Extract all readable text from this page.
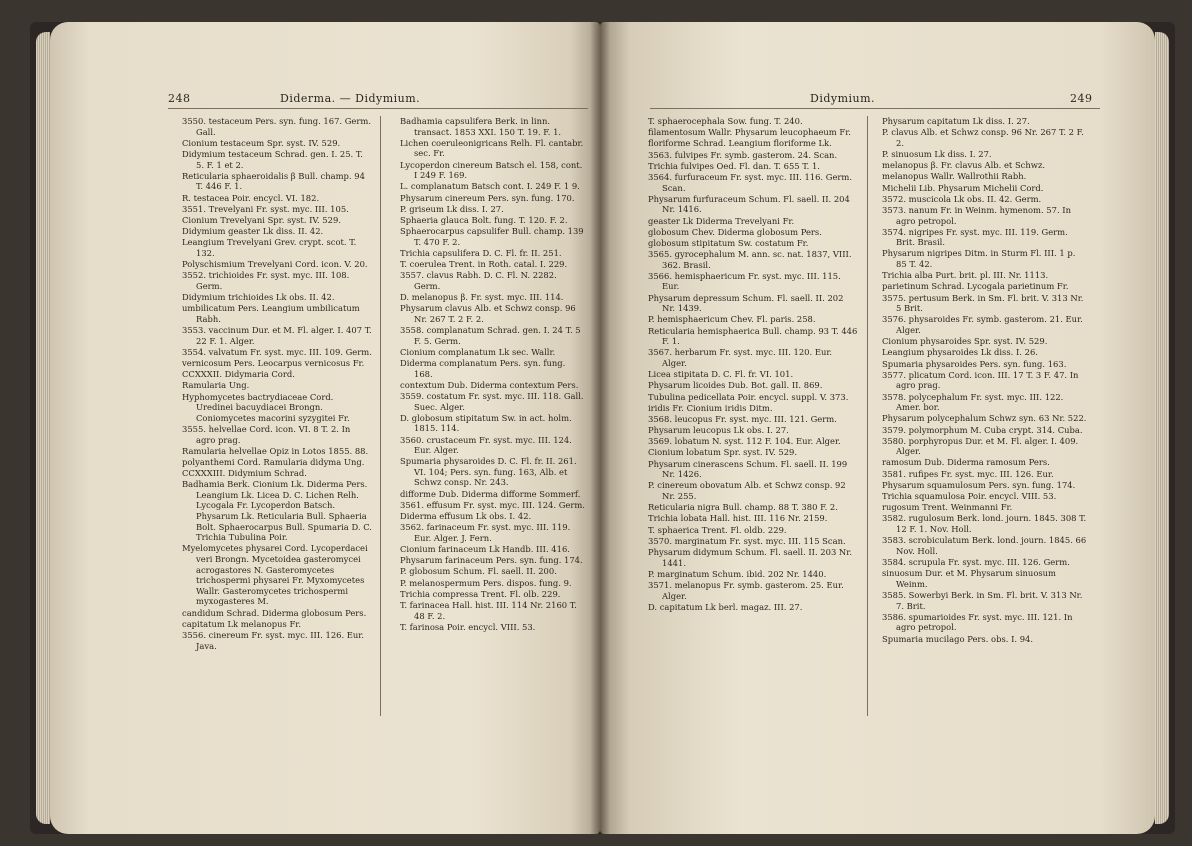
248	Diderma. — Didymium.
3550. testaceum Pers. syn. fung. 167. Germ. Gall.
Cionium testaceum Spr. syst. IV. 529.
Didymium testaceum Schrad. gen. I. 25. T. 5. F. 1 et 2.
Reticularia sphaeroidalis β Bull. champ. 94 T. 446 F. 1.
R. testacea Poir. encycl. VI. 182.
3551. Trevelyani Fr. syst. myc. III. 105.
Cionium Trevelyani Spr. syst. IV. 529.
Didymium geaster Lk diss. II. 42.
Leangium Trevelyani Grev. crypt. scot. T. 132.
Polyschismium Trevelyani Cord. icon. V. 20.
3552. trichioides Fr. syst. myc. III. 108. Germ.
Didymium trichioides Lk obs. II. 42.
umbilicatum Pers. Leangium umbilicatum Rabh.
3553. vaccinum Dur. et M. Fl. alger. I. 407 T. 22 F. 1. Alger.
3554. valvatum Fr. syst. myc. III. 109. Germ.
vernicosum Pers. Leocarpus vernicosus Fr.
CCXXXII. Didymaria Cord.
Ramularia Ung.
Hyphomycetes bactrydiaceae Cord. Uredinei bacuydiacei Brongn. Coniomycetes macorini syzygitei Fr.
3555. helvellae Cord. icon. VI. 8 T. 2. In agro prag.
Ramularia helvellae Opiz in Lotos 1855. 88.
polyanthemi Cord. Ramularia didyma Ung.
CCXXXIII. Didymium Schrad.
Badhamia Berk. Cionium Lk. Diderma Pers. Leangium Lk. Licea D. C. Lichen Relh. Lycogala Fr. Lycoperdon Batsch. Physarum Lk. Reticularia Bull. Sphaeria Bolt. Sphaerocarpus Bull. Spumaria D. C. Trichia Tubulina Poir.
Myelomycetes physarei Cord. Lycoperdacei veri Brongn. Mycetoidea gasteromycei acrogastores N. Gasteromycetes trichospermi physarei Fr. Myxomycetes Wallr. Gasteromycetes trichospermi myxogasteres M.
candidum Schrad. Diderma globosum Pers.
capitatum Lk melanopus Fr.
3556. cinereum Fr. syst. myc. III. 126. Eur. Java.
Badhamia capsulifera Berk. in linn. transact. 1853 XXI. 150 T. 19. F. 1.
Lichen coeruleonigricans Relh. Fl. cantabr. sec. Fr.
Lycoperdon cinereum Batsch el. 158, cont. I 249 F. 169.
L. complanatum Batsch cont. I. 249 F. 1 9.
Physarum cinereum Pers. syn. fung. 170.
P. griseum Lk diss. I. 27.
Sphaeria glauca Bolt. fung. T. 120. F. 2.
Sphaerocarpus capsulifer Bull. champ. 139 T. 470 F. 2.
Trichia capsulifera D. C. Fl. fr. II. 251.
T. coerulea Trent. in Roth. catal. I. 229.
3557. clavus Rabh. D. C. Fl. N. 2282. Germ.
D. melanopus β. Fr. syst. myc. III. 114.
Physarum clavus Alb. et Schwz consp. 96 Nr. 267 T. 2 F. 2.
3558. complanatum Schrad. gen. I. 24 T. 5 F. 5. Germ.
Cionium complanatum Lk sec. Wallr.
Diderma complanatum Pers. syn. fung. 168.
contextum Dub. Diderma contextum Pers.
3559. costatum Fr. syst. myc. III. 118. Gall. Suec. Alger.
D. globosum stipitatum Sw. in act. holm. 1815. 114.
3560. crustaceum Fr. syst. myc. III. 124. Eur. Alger.
Spumaria physaroides D. C. Fl. fr. II. 261. VI. 104; Pers. syn. fung. 163, Alb. et Schwz consp. Nr. 243.
difforme Dub. Diderma difforme Sommerf.
3561. effusum Fr. syst. myc. III. 124. Germ.
Diderma effusum Lk obs. I. 42.
3562. farinaceum Fr. syst. myc. III. 119. Eur. Alger. J. Fern.
Cionium farinaceum Lk Handb. III. 416.
Physarum farinaceum Pers. syn. fung. 174.
P. globosum Schum. Fl. saell. II. 200.
P. melanospermum Pers. dispos. fung. 9.
Trichia compressa Trent. Fl. olb. 229.
T. farinacea Hall. hist. III. 114 Nr. 2160 T. 48 F. 2.
T. farinosa Poir. encycl. VIII. 53.
Didymium.	249
T. sphaerocephala Sow. fung. T. 240.
filamentosum Wallr. Physarum leucophaeum Fr.
floriforme Schrad. Leangium floriforme Lk.
3563. fulvipes Fr. symb. gasterom. 24. Scan.
Trichia fulvipes Oed. Fl. dan. T. 655 T. 1.
3564. furfuraceum Fr. syst. myc. III. 116. Germ. Scan.
Physarum furfuraceum Schum. Fl. saell. II. 204 Nr. 1416.
geaster Lk Diderma Trevelyani Fr.
globosum Chev. Diderma globosum Pers.
globosum stipitatum Sw. costatum Fr.
3565. gyrocephalum M. ann. sc. nat. 1837, VIII. 362. Brasil.
3566. hemisphaericum Fr. syst. myc. III. 115. Eur.
Physarum depressum Schum. Fl. saell. II. 202 Nr. 1439.
P. hemisphaericum Chev. Fl. paris. 258.
Reticularia hemisphaerica Bull. champ. 93 T. 446 F. 1.
3567. herbarum Fr. syst. myc. III. 120. Eur. Alger.
Licea stipitata D. C. Fl. fr. VI. 101.
Physarum licoides Dub. Bot. gall. II. 869.
Tubulina pedicellata Poir. encycl. suppl. V. 373.
iridis Fr. Cionium iridis Ditm.
3568. leucopus Fr. syst. myc. III. 121. Germ.
Physarum leucopus Lk obs. I. 27.
3569. lobatum N. syst. 112 F. 104. Eur. Alger.
Cionium lobatum Spr. syst. IV. 529.
Physarum cinerascens Schum. Fl. saell. II. 199 Nr. 1426.
P. cinereum obovatum Alb. et Schwz consp. 92 Nr. 255.
Reticularia nigra Bull. champ. 88 T. 380 F. 2.
Trichia lobata Hall. hist. III. 116 Nr. 2159.
T. sphaerica Trent. Fl. oldb. 229.
3570. marginatum Fr. syst. myc. III. 115 Scan.
Physarum didymum Schum. Fl. saell. II. 203 Nr. 1441.
P. marginatum Schum. ibid. 202 Nr. 1440.
3571. melanopus Fr. symb. gasterom. 25. Eur. Alger.
D. capitatum Lk berl. magaz. III. 27.
Physarum capitatum Lk diss. I. 27.
P. clavus Alb. et Schwz consp. 96 Nr. 267 T. 2 F. 2.
P. sinuosum Lk diss. I. 27.
melanopus β. Fr. clavus Alb. et Schwz.
melanopus Wallr. Wallrothii Rabh.
Michelii Lib. Physarum Michelii Cord.
3572. muscicola Lk obs. II. 42. Germ.
3573. nanum Fr. in Weinm. hymenom. 57. In agro petropol.
3574. nigripes Fr. syst. myc. III. 119. Germ. Brit. Brasil.
Physarum nigripes Ditm. in Sturm Fl. III. 1 p. 85 T. 42.
Trichia alba Purt. brit. pl. III. Nr. 1113.
parietinum Schrad. Lycogala parietinum Fr.
3575. pertusum Berk. in Sm. Fl. brit. V. 313 Nr. 5 Brit.
3576. physaroides Fr. symb. gasterom. 21. Eur. Alger.
Cionium physaroides Spr. syst. IV. 529.
Leangium physaroides Lk diss. I. 26.
Spumaria physaroides Pers. syn. fung. 163.
3577. plicatum Cord. icon. III. 17 T. 3 F. 47. In agro prag.
3578. polycephalum Fr. syst. myc. III. 122. Amer. bor.
Physarum polycephalum Schwz syn. 63 Nr. 522.
3579. polymorphum M. Cuba crypt. 314. Cuba.
3580. porphyropus Dur. et M. Fl. alger. I. 409. Alger.
ramosum Dub. Diderma ramosum Pers.
3581. rufipes Fr. syst. myc. III. 126. Eur.
Physarum squamulosum Pers. syn. fung. 174.
Trichia squamulosa Poir. encycl. VIII. 53.
rugosum Trent. Weinmanni Fr.
3582. rugulosum Berk. lond. journ. 1845. 308 T. 12 F. 1. Nov. Holl.
3583. scrobiculatum Berk. lond. journ. 1845. 66 Nov. Holl.
3584. scrupula Fr. syst. myc. III. 126. Germ.
sinuosum Dur. et M. Physarum sinuosum Weinm.
3585. Sowerbyi Berk. in Sm. Fl. brit. V. 313 Nr. 7. Brit.
3586. spumarioides Fr. syst. myc. III. 121. In agro petropol.
Spumaria mucilago Pers. obs. I. 94.
